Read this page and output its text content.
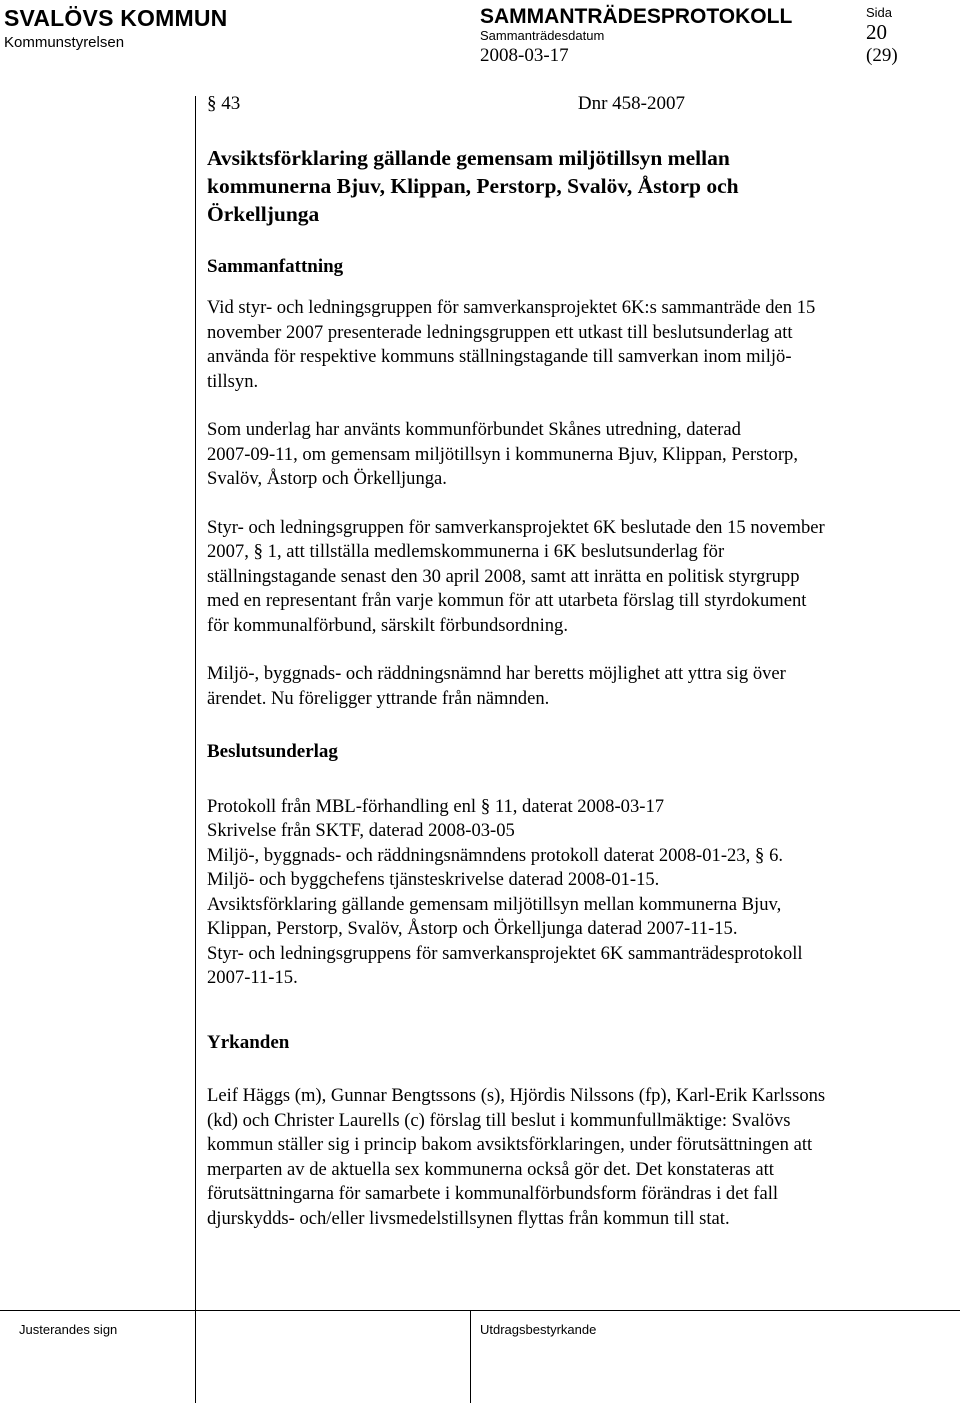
SVALÖVS KOMMUN
Kommunstyrelsen
SAMMANTRÄDESPROTOKOLL
Sammanträdesdatum
2008-03-17
Sida
20
(29)
§ 43	Dnr 458-2007
Avsiktsförklaring gällande gemensam miljötillsyn mellan
kommunerna Bjuv, Klippan, Perstorp, Svalöv, Åstorp och
Örkelljunga
Sammanfattning
Vid styr- och ledningsgruppen för samverkansprojektet 6K:s sammanträde den 15
november 2007 presenterade ledningsgruppen ett utkast till beslutsunderlag att
använda för respektive kommuns ställningstagande till samverkan inom miljö-
tillsyn.
Som underlag har använts kommunförbundet Skånes utredning, daterad
2007-09-11, om gemensam miljötillsyn i kommunerna Bjuv, Klippan, Perstorp,
Svalöv, Åstorp och Örkelljunga.
Styr- och ledningsgruppen för samverkansprojektet 6K beslutade den 15 november
2007, § 1, att tillställa medlemskommunerna i 6K beslutsunderlag för
ställningstagande senast den 30 april 2008, samt att inrätta en politisk styrgrupp
med en representant från varje kommun för att utarbeta förslag till styrdokument
för kommunalförbund, särskilt förbundsordning.
Miljö-, byggnads- och räddningsnämnd har beretts möjlighet att yttra sig över
ärendet. Nu föreligger yttrande från nämnden.
Beslutsunderlag
Protokoll från MBL-förhandling enl § 11, daterat 2008-03-17
Skrivelse från SKTF, daterad 2008-03-05
Miljö-, byggnads- och räddningsnämndens protokoll daterat 2008-01-23, § 6.
Miljö- och byggchefens tjänsteskrivelse daterad 2008-01-15.
Avsiktsförklaring gällande gemensam miljötillsyn mellan kommunerna Bjuv,
Klippan, Perstorp, Svalöv, Åstorp och Örkelljunga daterad 2007-11-15.
Styr- och ledningsgruppens för samverkansprojektet 6K sammanträdesprotokoll
2007-11-15.
Yrkanden
Leif Häggs (m), Gunnar Bengtssons (s), Hjördis Nilssons (fp), Karl-Erik Karlssons
(kd) och Christer Laurells (c) förslag till beslut i kommunfullmäktige: Svalövs
kommun ställer sig i princip bakom avsiktsförklaringen, under förutsättningen att
merparten av de aktuella sex kommunerna också gör det. Det konstateras att
förutsättningarna för samarbete i kommunalförbundsform förändras i det fall
djurskydds- och/eller livsmedelstillsynen flyttas från kommun till stat.
Justerandes sign	Utdragsbestyrkande
